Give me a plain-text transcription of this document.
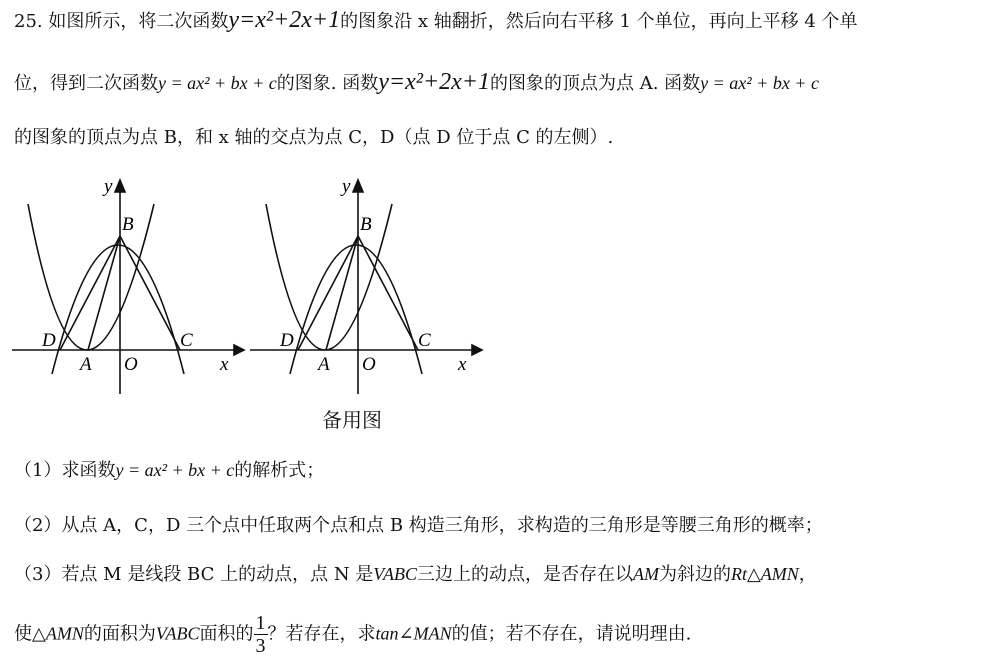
25. 如图所示，将二次函数y=x²+2x+1的图象沿 x 轴翻折，然后向右平移 1 个单位，再向上平移 4 个单
位，得到二次函数y = ax² + bx + c的图象. 函数y=x²+2x+1的图象的顶点为点 A. 函数y = ax² + bx + c
的图象的顶点为点 B，和 x 轴的交点为点 C，D（点 D 位于点 C 的左侧）.
y
B
D	C
A O	x
y
B
D	C
A O	x
备用图
（1）求函数y = ax² + bx + c的解析式；
（2）从点 A，C，D 三个点中任取两个点和点 B 构造三角形，求构造的三角形是等腰三角形的概率；
（3）若点 M 是线段 BC 上的动点，点 N 是VABC三边上的动点，是否存在以AM为斜边的Rt△AMN，
使△AMN的面积为VABC面积的 $\frac{1}{3}$ ？若存在，求tan∠MAN的值；若不存在，请说明理由.
